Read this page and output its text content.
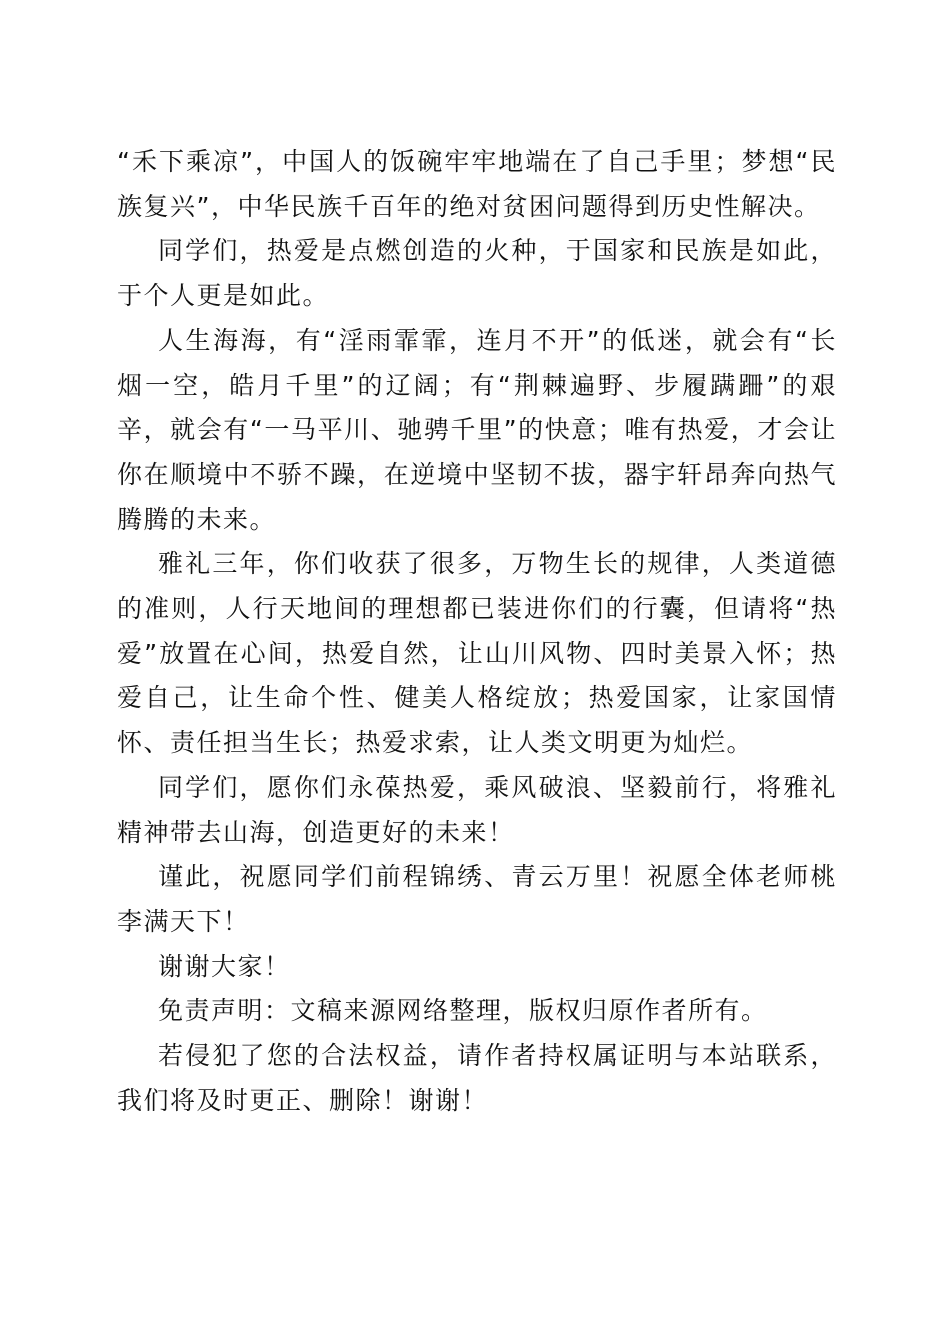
“禾下乘凉”，中国人的饭碗牢牢地端在了自己手里；梦想“民族复兴”，中华民族千百年的绝对贫困问题得到历史性解决。

同学们，热爱是点燃创造的火种，于国家和民族是如此，于个人更是如此。

人生海海，有“淫雨霏霏，连月不开”的低迷，就会有“长烟一空，皓月千里”的辽阔；有“荆棘遍野、步履蹒跚”的艰辛，就会有“一马平川、驰骋千里”的快意；唯有热爱，才会让你在顺境中不骄不躁，在逆境中坚韧不拔，器宇轩昂奔向热气腾腾的未来。

雅礼三年，你们收获了很多，万物生长的规律，人类道德的准则，人行天地间的理想都已装进你们的行囊，但请将“热爱”放置在心间，热爱自然，让山川风物、四时美景入怀；热爱自己，让生命个性、健美人格绽放；热爱国家，让家国情怀、责任担当生长；热爱求索，让人类文明更为灿烂。

同学们，愿你们永葆热爱，乘风破浪、坚毅前行，将雅礼精神带去山海，创造更好的未来！

谨此，祝愿同学们前程锦绣、青云万里！祝愿全体老师桃李满天下！

谢谢大家！

免责声明：文稿来源网络整理，版权归原作者所有。

若侵犯了您的合法权益，请作者持权属证明与本站联系，我们将及时更正、删除！谢谢！
